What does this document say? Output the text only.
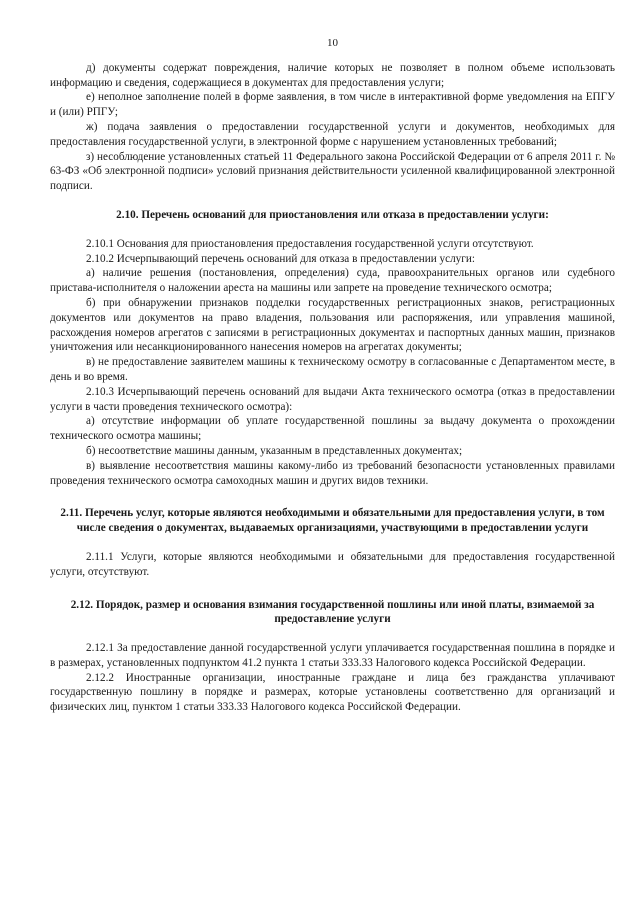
10

д) документы содержат повреждения, наличие которых не позволяет в полном объеме использовать информацию и сведения, содержащиеся в документах для предоставления услуги;

е) неполное заполнение полей в форме заявления, в том числе в интерактивной форме уведомления на ЕПГУ и (или) РПГУ;

ж) подача заявления о предоставлении государственной услуги и документов, необходимых для предоставления государственной услуги, в электронной форме с нарушением установленных требований;

з) несоблюдение установленных статьей 11 Федерального закона Российской Федерации от 6 апреля 2011 г. № 63-ФЗ «Об электронной подписи» условий признания действительности усиленной квалифицированной электронной подписи.

2.10. Перечень оснований для приостановления или отказа в предоставлении услуги:

2.10.1 Основания для приостановления предоставления государственной услуги отсутствуют.

2.10.2 Исчерпывающий перечень оснований для отказа в предоставлении услуги:

а) наличие решения (постановления, определения) суда, правоохранительных органов или судебного пристава-исполнителя о наложении ареста на машины или запрете на проведение технического осмотра;

б) при обнаружении признаков подделки государственных регистрационных знаков, регистрационных документов или документов на право владения, пользования или распоряжения, или управления машиной, расхождения номеров агрегатов с записями в регистрационных документах и паспортных данных машин, признаков уничтожения или несанкционированного нанесения номеров на агрегатах документы;

в) не предоставление заявителем машины к техническому осмотру в согласованные с Департаментом месте, в день и во время.

2.10.3 Исчерпывающий перечень оснований для выдачи Акта технического осмотра (отказ в предоставлении услуги в части проведения технического осмотра):

а) отсутствие информации об уплате государственной пошлины за выдачу документа о прохождении технического осмотра машины;

б) несоответствие машины данным, указанным в представленных документах;

в) выявление несоответствия машины какому-либо из требований безопасности установленных правилами проведения технического осмотра самоходных машин и других видов техники.

2.11. Перечень услуг, которые являются необходимыми и обязательными для предоставления услуги, в том числе сведения о документах, выдаваемых организациями, участвующими в предоставлении услуги

2.11.1 Услуги, которые являются необходимыми и обязательными для предоставления государственной услуги, отсутствуют.

2.12. Порядок, размер и основания взимания государственной пошлины или иной платы, взимаемой за предоставление услуги

2.12.1 За предоставление данной государственной услуги уплачивается государственная пошлина в порядке и в размерах, установленных подпунктом 41.2 пункта 1 статьи 333.33 Налогового кодекса Российской Федерации.

2.12.2 Иностранные организации, иностранные граждане и лица без гражданства уплачивают государственную пошлину в порядке и размерах, которые установлены соответственно для организаций и физических лиц, пунктом 1 статьи 333.33 Налогового кодекса Российской Федерации.
